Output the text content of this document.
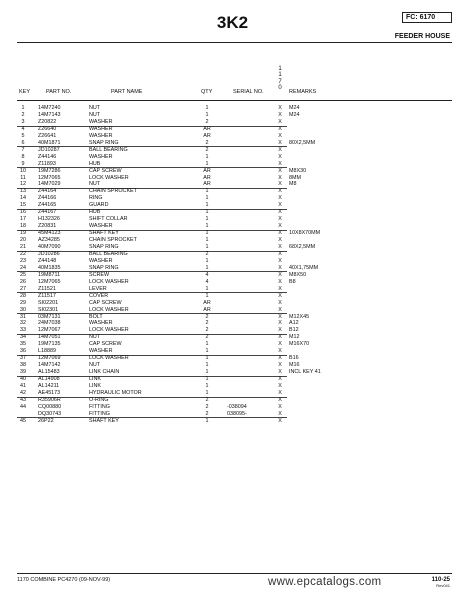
3K2	FC: 6170
FEEDER HOUSE
1
1
7
0
KEY	PART NO.	PART NAME	QTY	SERIAL NO.	REMARKS
1	14M7240	NUT	1	X	M24
2	14M7143	NUT	1	X	M24
3	Z20822	WASHER	2	X
4	Z26640	WASHER	AR	X
5	Z26641	WASHER	AR	X
6	40M1871	SNAP RING	2	X	80X2,5MM
7	JD10287	BALL BEARING	2	X
8	Z44146	WASHER	1	X
9	Z11893	HUB	1	X
10	19M7286	CAP SCREW	AR	X	M8X30
11	12M7065	LOCK WASHER	AR	X	8MM
12	14M7029	NUT	AR	X	M8
13	Z44164	CHAIN SPROCKET	1	X
14	Z44166	RING	1	X
15	Z44165	GUARD	1	X
16	Z44167	HUB	1	X
17	H132326	SHIFT COLLAR	1	X
18	Z20831	WASHER	1	X
19	45M4123	SHAFT KEY	1	X	10X8X70MM
20	AZ34285	CHAIN SPROCKET	1	X
21	40M7090	SNAP RING	1	X	68X2,5MM
22	JD10286	BALL BEARING	2	X
23	Z44148	WASHER	1	X
24	40M1835	SNAP RING	1	X	40X1,75MM
25	19M8711	SCREW	4	X	M8X50
26	12M7065	LOCK WASHER	4	X	B8
27	Z11521	LEVER	1	X
28	Z11517	COVER	1	X
29	SI02201	CAP SCREW	AR	X
30	SI02301	LOCK WASHER	AR	X
31	03M7131	BOLT	2	X	M12X45
32	24M7038	WASHER	2	X	A12
33	12M7067	LOCK WASHER	2	X	B12
34	14M7051	NUT	2	X	M12
35	19M7135	CAP SCREW	1	X	M16X70
36	L18889	WASHER	1	X
37	12M7069	LOCK WASHER	1	X	B16
38	14M7142	NUT	1	X	M16
39	AL15483	LINK CHAIN	1	X	INCL KEY 41
40	AL14908	LINK	1	X
41	AL14211	LINK	1	X
42	AE45173	HYDRAULIC MOTOR	1	X
43	R35906R	O-RING	2	X
44	CQ00880	FITTING	2	-038094	X
DQ30743	FITTING	2	038095-	X
45	26P22	SHAFT KEY	1	X
1170 COMBINE PC4270 (09-NOV-99)	www.epcatalogs.com	110-25
Rev041
